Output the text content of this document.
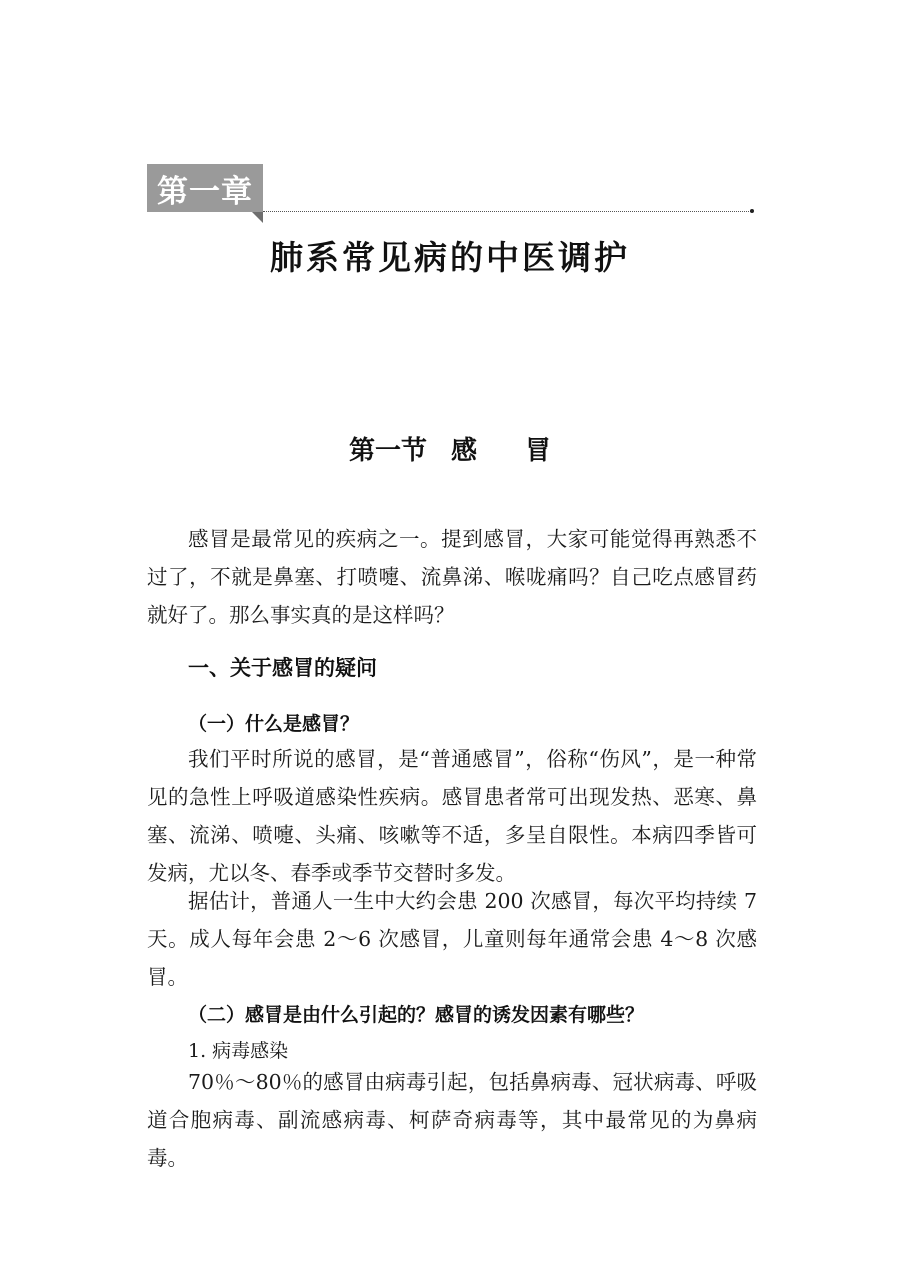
第一章
肺系常见病的中医调护
第一节 感冒

感冒是最常见的疾病之一。提到感冒，大家可能觉得再熟悉不过了，不就是鼻塞、打喷嚏、流鼻涕、喉咙痛吗？自己吃点感冒药就好了。那么事实真的是这样吗？

一、关于感冒的疑问
（一）什么是感冒？

我们平时所说的感冒，是“普通感冒”，俗称“伤风”，是一种常见的急性上呼吸道感染性疾病。感冒患者常可出现发热、恶寒、鼻塞、流涕、喷嚏、头痛、咳嗽等不适，多呈自限性。本病四季皆可发病，尤以冬、春季或季节交替时多发。

据估计，普通人一生中大约会患 200 次感冒，每次平均持续 7 天。成人每年会患 2～6 次感冒，儿童则每年通常会患 4～8 次感冒。

（二）感冒是由什么引起的？感冒的诱发因素有哪些？
1. 病毒感染

70％～80％的感冒由病毒引起，包括鼻病毒、冠状病毒、呼吸道合胞病毒、副流感病毒、柯萨奇病毒等，其中最常见的为鼻病毒。
